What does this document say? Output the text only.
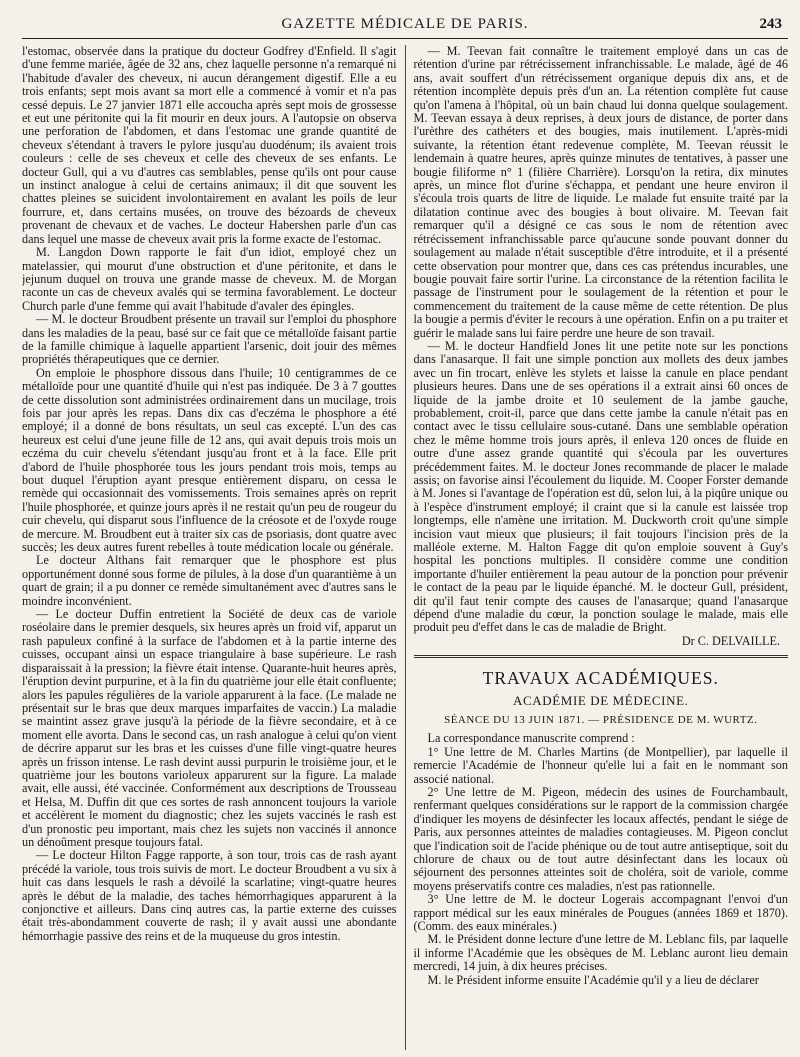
GAZETTE MÉDICALE DE PARIS.	243

l'estomac, observée dans la pratique du docteur Godfrey d'Enfield. Il s'agit d'une femme mariée, âgée de 32 ans, chez laquelle personne n'a remarqué ni l'habitude d'avaler des cheveux, ni aucun dérangement digestif. Elle a eu trois enfants; sept mois avant sa mort elle a commencé à vomir et n'a pas cessé depuis. Le 27 janvier 1871 elle accoucha après sept mois de grossesse et eut une péritonite qui la fit mourir en deux jours. A l'autopsie on observa une perforation de l'abdomen, et dans l'estomac une grande quantité de cheveux s'étendant à travers le pylore jusqu'au duodénum; ils avaient trois couleurs : celle de ses cheveux et celle des cheveux de ses enfants. Le docteur Gull, qui a vu d'autres cas semblables, pense qu'ils ont pour cause un instinct analogue à celui de certains animaux; il dit que souvent les chattes pleines se suicident involontairement en avalant les poils de leur fourrure, et, dans certains musées, on trouve des bézoards de cheveux provenant de chevaux et de vaches. Le docteur Habershen parle d'un cas dans lequel une masse de cheveux avait pris la forme exacte de l'estomac.

M. Langdon Down rapporte le fait d'un idiot, employé chez un matelassier, qui mourut d'une obstruction et d'une péritonite, et dans le jejunum duquel on trouva une grande masse de cheveux. M. de Morgan raconte un cas de cheveux avalés qui se termina favorablement. Le docteur Church parle d'une femme qui avait l'habitude d'avaler des épingles.

— M. le docteur Broudbent présente un travail sur l'emploi du phosphore dans les maladies de la peau, basé sur ce fait que ce métalloïde faisant partie de la famille chimique à laquelle appartient l'arsenic, doit jouir des mêmes propriétés thérapeutiques que ce dernier.

On emploie le phosphore dissous dans l'huile; 10 centigrammes de ce métalloïde pour une quantité d'huile qui n'est pas indiquée. De 3 à 7 gouttes de cette dissolution sont administrées ordinairement dans un mucilage, trois fois par jour après les repas. Dans dix cas d'eczéma le phosphore a été employé; il a donné de bons résultats, un seul cas excepté. L'un des cas heureux est celui d'une jeune fille de 12 ans, qui avait depuis trois mois un eczéma du cuir chevelu s'étendant jusqu'au front et à la face. Elle prit d'abord de l'huile phosphorée tous les jours pendant trois mois, temps au bout duquel l'éruption ayant presque entièrement disparu, on cessa le remède qui occasionnait des vomissements. Trois semaines après on reprit l'huile phosphorée, et quinze jours après il ne restait qu'un peu de rougeur du cuir chevelu, qui disparut sous l'influence de la créosote et de l'oxyde rouge de mercure. M. Broudbent eut à traiter six cas de psoriasis, dont quatre avec succès; les deux autres furent rebelles à toute médication locale ou générale.

Le docteur Althans fait remarquer que le phosphore est plus opportunément donné sous forme de pilules, à la dose d'un quarantième à un quart de grain; il a pu donner ce remède simultanément avec d'autres sans le moindre inconvénient.

— Le docteur Duffin entretient la Société de deux cas de variole roséolaire dans le premier desquels, six heures après un froid vif, apparut un rash papuleux confiné à la surface de l'abdomen et à la partie interne des cuisses, occupant ainsi un espace triangulaire à base supérieure. Le rash disparaissait à la pression; la fièvre était intense. Quarante-huit heures après, l'éruption devint purpurine, et à la fin du quatrième jour elle était confluente; alors les papules régulières de la variole apparurent à la face. (Le malade ne présentait sur le bras que deux marques imparfaites de vaccin.) La maladie se maintint assez grave jusqu'à la période de la fièvre secondaire, et à ce moment elle avorta. Dans le second cas, un rash analogue à celui qu'on vient de décrire apparut sur les bras et les cuisses d'une fille vingt-quatre heures après un frisson intense. Le rash devint aussi purpurin le troisième jour, et le quatrième jour les boutons varioleux apparurent sur la figure. La malade avait, elle aussi, été vaccinée. Conformément aux descriptions de Trousseau et Helsa, M. Duffin dit que ces sortes de rash annoncent toujours la variole et accélèrent le moment du diagnostic; chez les sujets vaccinés le rash est d'un pronostic peu important, mais chez les sujets non vaccinés il annonce un dénoûment presque toujours fatal.

— Le docteur Hilton Fagge rapporte, à son tour, trois cas de rash ayant précédé la variole, tous trois suivis de mort. Le docteur Broudbent a vu six à huit cas dans lesquels le rash a dévoilé la scarlatine; vingt-quatre heures après le début de la maladie, des taches hémorrhagiques apparurent à la conjonctive et ailleurs. Dans cinq autres cas, la partie externe des cuisses était très-abondamment couverte de rash; il y avait aussi une abondante hémorrhagie passive des reins et de la muqueuse du gros intestin.

— M. Teevan fait connaître le traitement employé dans un cas de rétention d'urine par rétrécissement infranchissable. Le malade, âgé de 46 ans, avait souffert d'un rétrécissement organique depuis dix ans, et de rétention incomplète depuis près d'un an. La rétention complète fut cause qu'on l'amena à l'hôpital, où un bain chaud lui donna quelque soulagement. M. Teevan essaya à deux reprises, à deux jours de distance, de porter dans l'urèthre des cathéters et des bougies, mais inutilement. L'après-midi suivante, la rétention étant redevenue complète, M. Teevan réussit le lendemain à quatre heures, après quinze minutes de tentatives, à passer une bougie filiforme n° 1 (filière Charrière). Lorsqu'on la retira, dix minutes après, un mince flot d'urine s'échappa, et pendant une heure environ il s'écoula trois quarts de litre de liquide. Le malade fut ensuite traité par la dilatation continue avec des bougies à bout olivaire. M. Teevan fait remarquer qu'il a désigné ce cas sous le nom de rétention avec rétrécissement infranchissable parce qu'aucune sonde pouvant donner du soulagement au malade n'était susceptible d'être introduite, et il a présenté cette observation pour montrer que, dans ces cas prétendus incurables, une bougie pouvait faire sortir l'urine. La circonstance de la rétention facilita le passage de l'instrument pour le soulagement de la rétention et pour le commencement du traitement de la cause même de cette rétention. De plus la bougie a permis d'éviter le recours à une opération. Enfin on a pu traiter et guérir le malade sans lui faire perdre une heure de son travail.

— M. le docteur Handfield Jones lit une petite note sur les ponctions dans l'anasarque. Il fait une simple ponction aux mollets des deux jambes avec un fin trocart, enlève les stylets et laisse la canule en place pendant plusieurs heures. Dans une de ses opérations il a extrait ainsi 60 onces de liquide de la jambe droite et 10 seulement de la jambe gauche, probablement, croit-il, parce que dans cette jambe la canule n'était pas en contact avec le tissu cellulaire sous-cutané. Dans une semblable opération chez le même homme trois jours après, il enleva 120 onces de fluide en outre d'une assez grande quantité qui s'écoula par les ouvertures précédemment faites. M. le docteur Jones recommande de placer le malade assis; on favorise ainsi l'écoulement du liquide. M. Cooper Forster demande à M. Jones si l'avantage de l'opération est dû, selon lui, à la piqûre unique ou à l'espèce d'instrument employé; il craint que si la canule est laissée trop longtemps, elle n'amène une irritation. M. Duckworth croit qu'une simple incision vaut mieux que plusieurs; il fait toujours l'incision près de la malléole externe. M. Halton Fagge dit qu'on emploie souvent à Guy's hospital les ponctions multiples. Il considère comme une condition importante d'huiler entièrement la peau autour de la ponction pour prévenir le contact de la peau par le liquide épanché. M. le docteur Gull, président, dit qu'il faut tenir compte des causes de l'anasarque; quand l'anasarque dépend d'une maladie du cœur, la ponction soulage le malade, mais elle produit peu d'effet dans le cas de maladie de Bright.

Dr C. DELVAILLE.
TRAVAUX ACADÉMIQUES.
ACADÉMIE DE MÉDECINE.
SÉANCE DU 13 JUIN 1871. — PRÉSIDENCE DE M. WURTZ.

La correspondance manuscrite comprend :

1° Une lettre de M. Charles Martins (de Montpellier), par laquelle il remercie l'Académie de l'honneur qu'elle lui a fait en le nommant son associé national.

2° Une lettre de M. Pigeon, médecin des usines de Fourchambault, renfermant quelques considérations sur le rapport de la commission chargée d'indiquer les moyens de désinfecter les locaux affectés, pendant le siége de Paris, aux personnes atteintes de maladies contagieuses. M. Pigeon conclut que l'indication soit de l'acide phénique ou de tout autre antiseptique, soit du chlorure de chaux ou de tout autre désinfectant dans les locaux où séjournent des personnes atteintes soit de choléra, soit de variole, comme moyens préservatifs contre ces maladies, n'est pas rationnelle.

3° Une lettre de M. le docteur Logerais accompagnant l'envoi d'un rapport médical sur les eaux minérales de Pougues (années 1869 et 1870). (Comm. des eaux minérales.)

M. le Président donne lecture d'une lettre de M. Leblanc fils, par laquelle il informe l'Académie que les obsèques de M. Leblanc auront lieu demain mercredi, 14 juin, à dix heures précises.

M. le Président informe ensuite l'Académie qu'il y a lieu de déclarer
